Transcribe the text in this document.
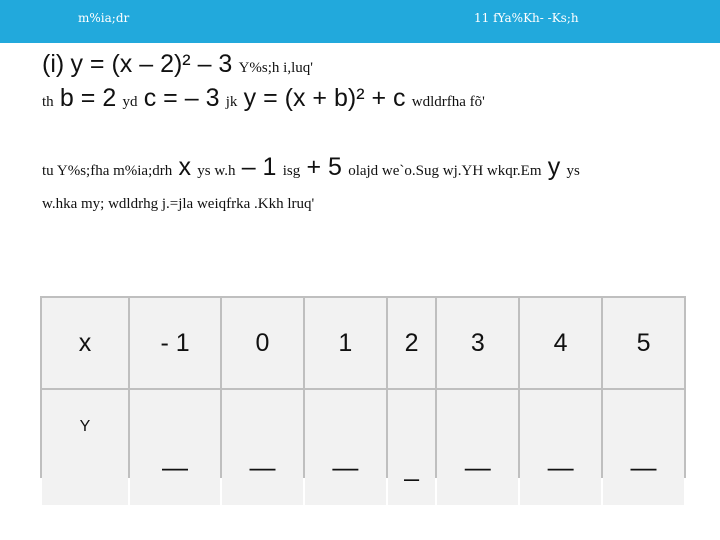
m%ia;dr	11 fYa%Kh- -Ks;h
(i) y = (x – 2)² – 3 Y%s;h i,luq'
th b = 2 yd c = – 3 jk y = (x + b)² + c wdldrfha fõ'
tu Y%s;fha m%ia;drh x ys w.h – 1 isg + 5 olajd we`o.Sug wj.YH wkqr.Em y ys
w.hka my; wdldrhg j.=jla weiqfrka .Kkh lruq'
x	- 1	0	1	2	3	4	5
Y	—	—	—	_	—	—	—
